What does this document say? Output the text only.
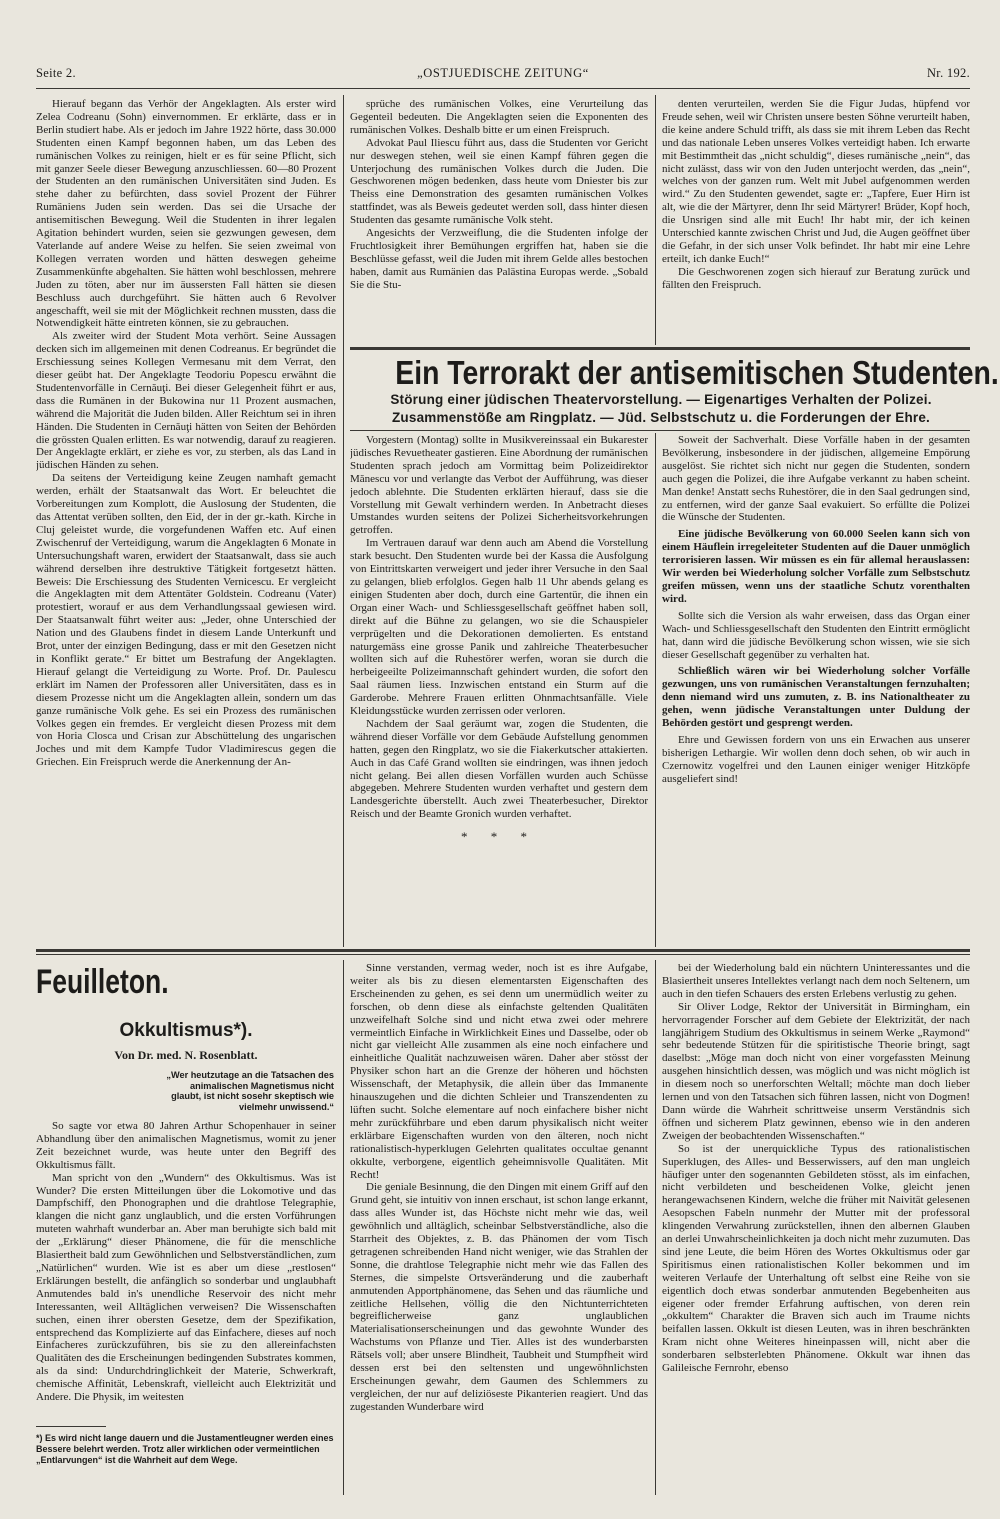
Seite 2.	„OSTJUEDISCHE ZEITUNG“	Nr. 192.

Hierauf begann das Verhör der Angeklagten. Als erster wird Zelea Codreanu (Sohn) einvernommen. Er erklärte, dass er in Berlin studiert habe. Als er jedoch im Jahre 1922 hörte, dass 30.000 Studenten einen Kampf begonnen haben, um das Leben des rumänischen Volkes zu reinigen, hielt er es für seine Pflicht, sich mit ganzer Seele dieser Bewegung anzuschliessen. 60—80 Prozent der Studenten an den rumänischen Universitäten sind Juden. Es stehe daher zu befürchten, dass soviel Prozent der Führer Rumäniens Juden sein werden. Das sei die Ursache der antisemitischen Bewegung. Weil die Studenten in ihrer legalen Agitation behindert wurden, seien sie gezwungen gewesen, dem Vaterlande auf andere Weise zu helfen. Sie seien zweimal von Kollegen verraten worden und hätten deswegen geheime Zusammenkünfte abgehalten. Sie hätten wohl beschlossen, mehrere Juden zu töten, aber nur im äussersten Fall hätten sie diesen Beschluss auch durchgeführt. Sie hätten auch 6 Revolver angeschafft, weil sie mit der Möglichkeit rechnen mussten, dass die Notwendigkeit hätte eintreten können, sie zu gebrauchen.

Als zweiter wird der Student Mota verhört. Seine Aussagen decken sich im allgemeinen mit denen Codreanus. Er begründet die Erschiessung seines Kollegen Vermesanu mit dem Verrat, den dieser geübt hat. Der Angeklagte Teodoriu Popescu erwähnt die Studentenvorfälle in Cernăuţi. Bei dieser Gelegenheit führt er aus, dass die Rumänen in der Bukowina nur 11 Prozent ausmachen, während die Majorität die Juden bilden. Aller Reichtum sei in ihren Händen. Die Studenten in Cernăuţi hätten von Seiten der Behörden die grössten Qualen erlitten. Es war notwendig, darauf zu reagieren. Der Angeklagte erklärt, er ziehe es vor, zu sterben, als das Land in jüdischen Händen zu sehen.

Da seitens der Verteidigung keine Zeugen namhaft gemacht werden, erhält der Staatsanwalt das Wort. Er beleuchtet die Vorbereitungen zum Komplott, die Auslosung der Studenten, die das Attentat verüben sollten, den Eid, der in der gr.-kath. Kirche in Cluj geleistet wurde, die vorgefundenen Waffen etc. Auf einen Zwischenruf der Verteidigung, warum die Angeklagten 6 Monate in Untersuchungshaft waren, erwidert der Staatsanwalt, dass sie auch während derselben ihre destruktive Tätigkeit fortgesetzt hätten. Beweis: Die Erschiessung des Studenten Vernicescu. Er vergleicht die Angeklagten mit dem Attentäter Goldstein. Codreanu (Vater) protestiert, worauf er aus dem Verhandlungssaal gewiesen wird. Der Staatsanwalt führt weiter aus: „Jeder, ohne Unterschied der Nation und des Glaubens findet in diesem Lande Unterkunft und Brot, unter der einzigen Bedingung, dass er mit den Gesetzen nicht in Konflikt gerate.“ Er bittet um Bestrafung der Angeklagten. Hierauf gelangt die Verteidigung zu Worte. Prof. Dr. Paulescu erklärt im Namen der Professoren aller Universitäten, dass es in diesem Prozesse nicht um die Angeklagten allein, sondern um das ganze rumänische Volk gehe. Es sei ein Prozess des rumänischen Volkes gegen ein fremdes. Er vergleicht diesen Prozess mit dem von Horia Closca und Crisan zur Abschüttelung des ungarischen Joches und mit dem Kampfe Tudor Vladimirescus gegen die Griechen. Ein Freispruch werde die Anerkennung der An-

sprüche des rumänischen Volkes, eine Verurteilung das Gegenteil bedeuten. Die Angeklagten seien die Exponenten des rumänischen Volkes. Deshalb bitte er um einen Freispruch.

Advokat Paul Iliescu führt aus, dass die Studenten vor Gericht nur deswegen stehen, weil sie einen Kampf führen gegen die Unterjochung des rumänischen Volkes durch die Juden. Die Geschworenen mögen bedenken, dass heute vom Dniester bis zur Theiss eine Demonstration des gesamten rumänischen Volkes stattfindet, was als Beweis gedeutet werden soll, dass hinter diesen Studenten das gesamte rumänische Volk steht.

Angesichts der Verzweiflung, die die Studenten infolge der Fruchtlosigkeit ihrer Bemühungen ergriffen hat, haben sie die Beschlüsse gefasst, weil die Juden mit ihrem Gelde alles bestochen haben, damit aus Rumänien das Palästina Europas werde. „Sobald Sie die Stu-

denten verurteilen, werden Sie die Figur Judas, hüpfend vor Freude sehen, weil wir Christen unsere besten Söhne verurteilt haben, die keine andere Schuld trifft, als dass sie mit ihrem Leben das Recht und das nationale Leben unseres Volkes verteidigt haben. Ich erwarte mit Bestimmtheit das „nicht schuldig“, dieses rumänische „nein“, das nicht zulässt, dass wir von den Juden unterjocht werden, das „nein“, welches von der ganzen rum. Welt mit Jubel aufgenommen werden wird.“ Zu den Studenten gewendet, sagte er: „Tapfere, Euer Hirn ist alt, wie die der Märtyrer, denn Ihr seid Märtyrer! Brüder, Kopf hoch, die Unsrigen sind alle mit Euch! Ihr habt mir, der ich keinen Unterschied kannte zwischen Christ und Jud, die Augen geöffnet über die Gefahr, in der sich unser Volk befindet. Ihr habt mir eine Lehre erteilt, ich danke Euch!“

Die Geschworenen zogen sich hierauf zur Beratung zurück und fällten den Freispruch.

Ein Terrorakt der antisemitischen Studenten.
Störung einer jüdischen Theatervorstellung. — Eigenartiges Verhalten der Polizei.
Zusammenstöße am Ringplatz. — Jüd. Selbstschutz u. die Forderungen der Ehre.

Vorgestern (Montag) sollte in Musikvereinssaal ein Bukarester jüdisches Revuetheater gastieren. Eine Abordnung der rumänischen Studenten sprach jedoch am Vormittag beim Polizeidirektor Mănescu vor und verlangte das Verbot der Aufführung, was dieser jedoch ablehnte. Die Studenten erklärten hierauf, dass sie die Vorstellung mit Gewalt verhindern werden. In Anbetracht dieses Umstandes wurden seitens der Polizei Sicherheitsvorkehrungen getroffen.

Im Vertrauen darauf war denn auch am Abend die Vorstellung stark besucht. Den Studenten wurde bei der Kassa die Ausfolgung von Eintrittskarten verweigert und jeder ihrer Versuche in den Saal zu gelangen, blieb erfolglos. Gegen halb 11 Uhr abends gelang es einigen Studenten aber doch, durch eine Gartentür, die ihnen ein Organ einer Wach- und Schliessgesellschaft geöffnet haben soll, direkt auf die Bühne zu gelangen, wo sie die Schauspieler verprügelten und die Dekorationen demolierten. Es entstand naturgemäss eine grosse Panik und zahlreiche Theaterbesucher wollten sich auf die Ruhestörer werfen, woran sie durch die herbeigeeilte Polizeimannschaft gehindert wurden, die sofort den Saal räumen liess. Inzwischen entstand ein Sturm auf die Garderobe. Mehrere Frauen erlitten Ohnmachtsanfälle. Viele Kleidungsstücke wurden zerrissen oder verloren.

Nachdem der Saal geräumt war, zogen die Studenten, die während dieser Vorfälle vor dem Gebäude Aufstellung genommen hatten, gegen den Ringplatz, wo sie die Fiakerkutscher attakierten. Auch in das Café Grand wollten sie eindringen, was ihnen jedoch nicht gelang. Bei allen diesen Vorfällen wurden auch Schüsse abgegeben. Mehrere Studenten wurden verhaftet und gestern dem Landesgerichte überstellt. Auch zwei Theaterbesucher, Direktor Reisch und der Beamte Gronich wurden verhaftet.

* * *

Soweit der Sachverhalt. Diese Vorfälle haben in der gesamten Bevölkerung, insbesondere in der jüdischen, allgemeine Empörung ausgelöst. Sie richtet sich nicht nur gegen die Studenten, sondern auch gegen die Polizei, die ihre Aufgabe verkannt zu haben scheint. Man denke! Anstatt sechs Ruhestörer, die in den Saal gedrungen sind, zu entfernen, wird der ganze Saal evakuiert. So erfüllte die Polizei die Wünsche der Studenten.

Eine jüdische Bevölkerung von 60.000 Seelen kann sich von einem Häuflein irregeleiteter Studenten auf die Dauer unmöglich terrorisieren lassen. Wir müssen es ein für allemal herauslassen: Wir werden bei Wiederholung solcher Vorfälle zum Selbstschutz greifen müssen, wenn uns der staatliche Schutz vorenthalten wird.

Sollte sich die Version als wahr erweisen, dass das Organ einer Wach- und Schliessgesellschaft den Studenten den Eintritt ermöglicht hat, dann wird die jüdische Bevölkerung schon wissen, wie sie sich dieser Gesellschaft gegenüber zu verhalten hat.

Schließlich wären wir bei Wiederholung solcher Vorfälle gezwungen, uns von rumänischen Veranstaltungen fernzuhalten; denn niemand wird uns zumuten, z. B. ins Nationaltheater zu gehen, wenn jüdische Veranstaltungen unter Duldung der Behörden gestört und gesprengt werden.

Ehre und Gewissen fordern von uns ein Erwachen aus unserer bisherigen Lethargie. Wir wollen denn doch sehen, ob wir auch in Czernowitz vogelfrei und den Launen einiger weniger Hitzköpfe ausgeliefert sind!

Feuilleton.
Okkultismus*).
Von Dr. med. N. Rosenblatt.
„Wer heutzutage an die Tatsachen des animalischen Magnetismus nicht glaubt, ist nicht sosehr skeptisch wie vielmehr unwissend.“

So sagte vor etwa 80 Jahren Arthur Schopenhauer in seiner Abhandlung über den animalischen Magnetismus, womit zu jener Zeit bezeichnet wurde, was heute unter den Begriff des Okkultismus fällt.

Man spricht von den „Wundern“ des Okkultismus. Was ist Wunder? Die ersten Mitteilungen über die Lokomotive und das Dampfschiff, den Phonographen und die drahtlose Telegraphie, klangen die nicht ganz unglaublich, und die ersten Vorführungen muteten wahrhaft wunderbar an. Aber man beruhigte sich bald mit der „Erklärung“ dieser Phänomene, die für die menschliche Blasiertheit bald zum Gewöhnlichen und Selbstverständlichen, zum „Natürlichen“ wurden. Wie ist es aber um diese „restlosen“ Erklärungen bestellt, die anfänglich so sonderbar und unglaubhaft Anmutendes bald in's unendliche Reservoir des nicht mehr Interessanten, weil Alltäglichen verweisen? Die Wissenschaften suchen, einen ihrer obersten Gesetze, dem der Spezifikation, entsprechend das Komplizierte auf das Einfachere, dieses auf noch Einfacheres zurückzuführen, bis sie zu den allereinfachsten Qualitäten des die Erscheinungen bedingenden Substrates kommen, als da sind: Undurchdringlichkeit der Materie, Schwerkraft, chemische Affinität, Lebenskraft, vielleicht auch Elektrizität und Andere. Die Physik, im weitesten

*) Es wird nicht lange dauern und die Justamentleugner werden eines Bessere belehrt werden. Trotz aller wirklichen oder vermeintlichen „Entlarvungen“ ist die Wahrheit auf dem Wege.

Sinne verstanden, vermag weder, noch ist es ihre Aufgabe, weiter als bis zu diesen elementarsten Eigenschaften des Erscheinenden zu gehen, es sei denn um unermüdlich weiter zu forschen, ob denn diese als einfachste geltenden Qualitäten unzweifelhaft Solche sind und nicht etwa zwei oder mehrere vermeintlich Einfache in Wirklichkeit Eines und Dasselbe, oder ob nicht gar vielleicht Alle zusammen als eine noch einfachere und einheitliche Qualität nachzuweisen wären. Daher aber stösst der Physiker schon hart an die Grenze der höheren und höchsten Wissenschaft, der Metaphysik, die allein über das Immanente hinauszugehen und die dichten Schleier und Transzendenten zu lüften sucht. Solche elementare auf noch einfachere bisher nicht mehr zurückführbare und eben darum physikalisch nicht weiter erklärbare Eigenschaften wurden von den älteren, noch nicht rationalistisch-hyperklugen Gelehrten qualitates occultae genannt okkulte, verborgene, eigentlich geheimnisvolle Qualitäten. Mit Recht!

Die geniale Besinnung, die den Dingen mit einem Griff auf den Grund geht, sie intuitiv von innen erschaut, ist schon lange erkannt, dass alles Wunder ist, das Höchste nicht mehr wie das, weil gewöhnlich und alltäglich, scheinbar Selbstverständliche, also die Starrheit des Objektes, z. B. das Phänomen der vom Tisch getragenen schreibenden Hand nicht weniger, wie das Strahlen der Sonne, die drahtlose Telegraphie nicht mehr wie das Fallen des Sternes, die simpelste Ortsveränderung und die zauberhaft anmutenden Apportphänomene, das Sehen und das räumliche und zeitliche Hellsehen, völlig die den Nichtunterrichteten begreiflicherweise ganz unglaublichen Materialisationserscheinungen und das gewohnte Wunder des Wachstums von Pflanze und Tier. Alles ist des wunderbarsten Rätsels voll; aber unsere Blindheit, Taubheit und Stumpfheit wird dessen erst bei den seltensten und ungewöhnlichsten Erscheinungen gewahr, dem Gaumen des Schlemmers zu vergleichen, der nur auf deliziöseste Pikanterien reagiert. Und das zugestanden Wunderbare wird

bei der Wiederholung bald ein nüchtern Uninteressantes und die Blasiertheit unseres Intellektes verlangt nach dem noch Seltenern, um auch in den tiefen Schauers des ersten Erlebens verlustig zu gehen.

Sir Oliver Lodge, Rektor der Universität in Birmingham, ein hervorragender Forscher auf dem Gebiete der Elektrizität, der nach langjährigem Studium des Okkultismus in seinem Werke „Raymond“ sehr bedeutende Stützen für die spiritistische Theorie bringt, sagt daselbst: „Möge man doch nicht von einer vorgefassten Meinung ausgehen hinsichtlich dessen, was möglich und was nicht möglich ist in diesem noch so unerforschten Weltall; möchte man doch lieber lernen und von den Tatsachen sich führen lassen, nicht von Dogmen! Dann würde die Wahrheit schrittweise unserm Verständnis sich öffnen und sicherem Platz gewinnen, ebenso wie in den anderen Zweigen der beobachtenden Wissenschaften.“

So ist der unerquickliche Typus des rationalistischen Superklugen, des Alles- und Besserwissers, auf den man ungleich häufiger unter den sogenannten Gebildeten stösst, als im einfachen, nicht verbildeten und bescheidenen Volke, gleicht jenen herangewachsenen Kindern, welche die früher mit Naivität gelesenen Aesopschen Fabeln nunmehr der Mutter mit der professoral klingenden Verwahrung zurückstellen, ihnen den albernen Glauben an derlei Unwahrscheinlichkeiten ja doch nicht mehr zuzumuten. Das sind jene Leute, die beim Hören des Wortes Okkultismus oder gar Spiritismus einen rationalistischen Koller bekommen und im weiteren Verlaufe der Unterhaltung oft selbst eine Reihe von sie eigentlich doch etwas sonderbar anmutenden Begebenheiten aus eigener oder fremder Erfahrung auftischen, von deren rein „okkultem“ Charakter die Braven sich auch im Traume nichts beifallen lassen. Okkult ist diesen Leuten, was in ihren beschränkten Kram nicht ohne Weiteres hineinpassen will, nicht aber die sonderbaren selbsterlebten Phänomene. Okkult war ihnen das Galileische Fernrohr, ebenso
